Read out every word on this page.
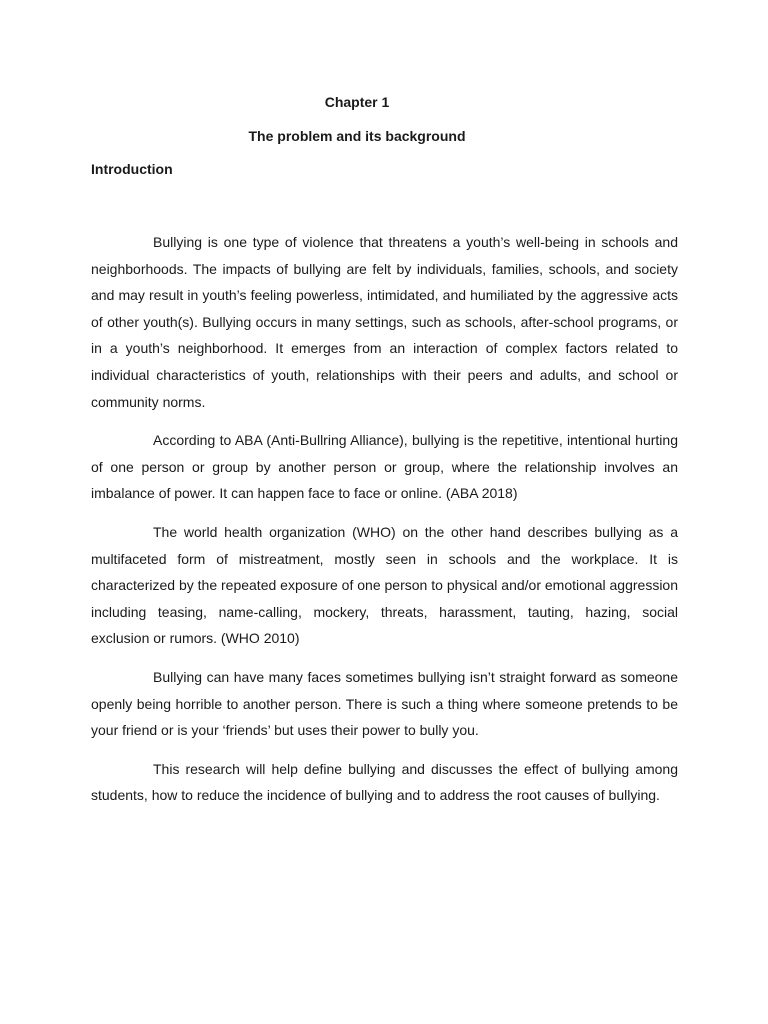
Chapter 1
The problem and its background
Introduction

Bullying is one type of violence that threatens a youth’s well-being in schools and neighborhoods. The impacts of bullying are felt by individuals, families, schools, and society and may result in youth’s feeling powerless, intimidated, and humiliated by the aggressive acts of other youth(s). Bullying occurs in many settings, such as schools, after-school programs, or in a youth’s neighborhood. It emerges from an interaction of complex factors related to individual characteristics of youth, relationships with their peers and adults, and school or community norms.

According to ABA (Anti-Bullring Alliance), bullying is the repetitive, intentional hurting of one person or group by another person or group, where the relationship involves an imbalance of power. It can happen face to face or online. (ABA 2018)

The world health organization (WHO) on the other hand describes bullying as a multifaceted form of mistreatment, mostly seen in schools and the workplace. It is characterized by the repeated exposure of one person to physical and/or emotional aggression including teasing, name-calling, mockery, threats, harassment, tauting, hazing, social exclusion or rumors. (WHO 2010)

Bullying can have many faces sometimes bullying isn’t straight forward as someone openly being horrible to another person. There is such a thing where someone pretends to be your friend or is your ‘friends’ but uses their power to bully you.

This research will help define bullying and discusses the effect of bullying among students, how to reduce the incidence of bullying and to address the root causes of bullying.
